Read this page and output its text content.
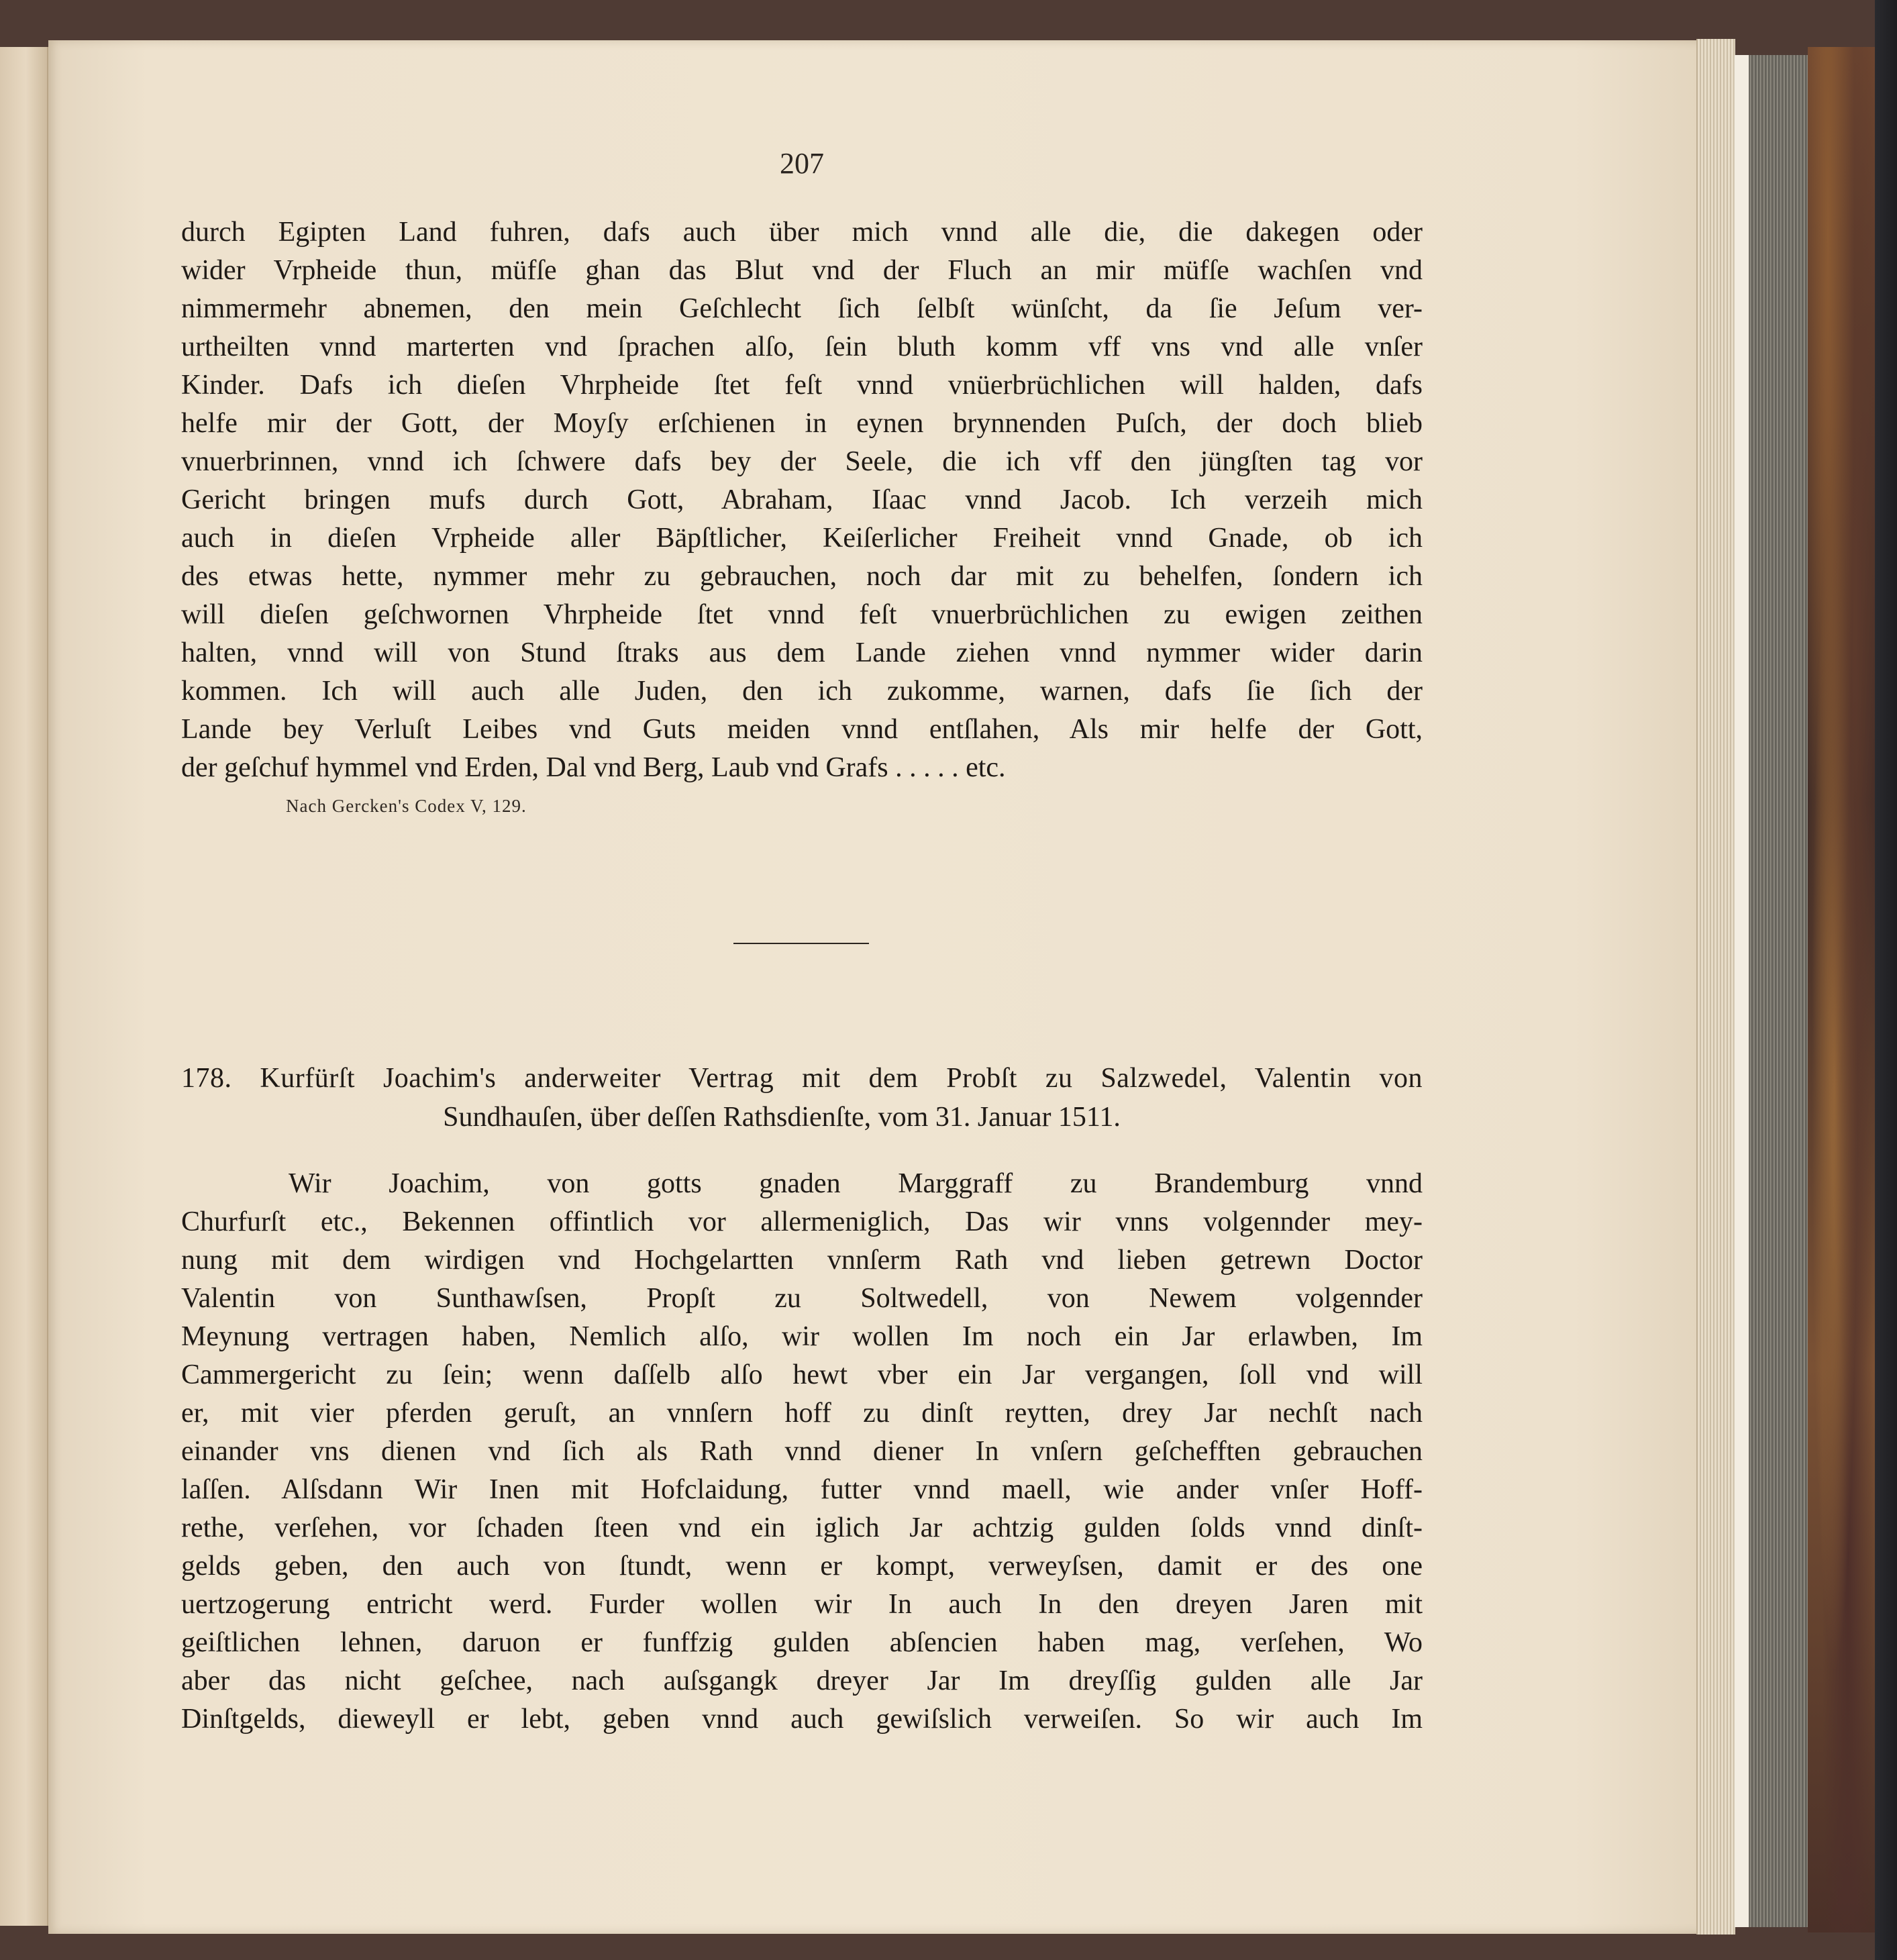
207
durch Egipten Land fuhren, dafs auch über mich vnnd alle die, die dakegen oder
wider Vrpheide thun, müfſe ghan das Blut vnd der Fluch an mir müfſe wachſen vnd
nimmermehr abnemen, den mein Geſchlecht ſich ſelbſt wünſcht, da ſie Jeſum ver-
urtheilten vnnd marterten vnd ſprachen alſo, ſein bluth komm vff vns vnd alle vnſer
Kinder. Dafs ich dieſen Vhrpheide ſtet feſt vnnd vnüerbrüchlichen will halden, dafs
helfe mir der Gott, der Moyſy erſchienen in eynen brynnenden Puſch, der doch blieb
vnuerbrinnen, vnnd ich ſchwere dafs bey der Seele, die ich vff den jüngſten tag vor
Gericht bringen mufs durch Gott, Abraham, Iſaac vnnd Jacob. Ich verzeih mich
auch in dieſen Vrpheide aller Bäpſtlicher, Keiſerlicher Freiheit vnnd Gnade, ob ich
des etwas hette, nymmer mehr zu gebrauchen, noch dar mit zu behelfen, ſondern ich
will dieſen geſchwornen Vhrpheide ſtet vnnd feſt vnuerbrüchlichen zu ewigen zeithen
halten, vnnd will von Stund ſtraks aus dem Lande ziehen vnnd nymmer wider darin
kommen. Ich will auch alle Juden, den ich zukomme, warnen, dafs ſie ſich der
Lande bey Verluſt Leibes vnd Guts meiden vnnd entſlahen, Als mir helfe der Gott,
der geſchuf hymmel vnd Erden, Dal vnd Berg, Laub vnd Grafs . . . . . etc.
Nach Gercken's Codex V, 129.
178. Kurfürſt Joachim's anderweiter Vertrag mit dem Probſt zu Salzwedel, Valentin von
Sundhauſen, über deſſen Rathsdienſte, vom 31. Januar 1511.
Wir Joachim, von gotts gnaden Marggraff zu Brandemburg vnnd
Churfurſt etc., Bekennen offintlich vor allermeniglich, Das wir vnns volgennder mey-
nung mit dem wirdigen vnd Hochgelartten vnnſerm Rath vnd lieben getrewn Doctor
Valentin von Sunthawſsen, Propſt zu Soltwedell, von Newem volgennder
Meynung vertragen haben, Nemlich alſo, wir wollen Im noch ein Jar erlawben, Im
Cammergericht zu ſein; wenn daſſelb alſo hewt vber ein Jar vergangen, ſoll vnd will
er, mit vier pferden geruſt, an vnnſern hoff zu dinſt reytten, drey Jar nechſt nach
einander vns dienen vnd ſich als Rath vnnd diener In vnſern geſchefften gebrauchen
laſſen. Alſsdann Wir Inen mit Hofclaidung, futter vnnd maell, wie ander vnſer Hoff-
rethe, verſehen, vor ſchaden ſteen vnd ein iglich Jar achtzig gulden ſolds vnnd dinſt-
gelds geben, den auch von ſtundt, wenn er kompt, verweyſsen, damit er des one
uertzogerung entricht werd. Furder wollen wir In auch In den dreyen Jaren mit
geiſtlichen lehnen, daruon er funffzig gulden abſencien haben mag, verſehen, Wo
aber das nicht geſchee, nach auſsgangk dreyer Jar Im dreyſſig gulden alle Jar
Dinſtgelds, dieweyll er lebt, geben vnnd auch gewiſslich verweiſen. So wir auch Im
